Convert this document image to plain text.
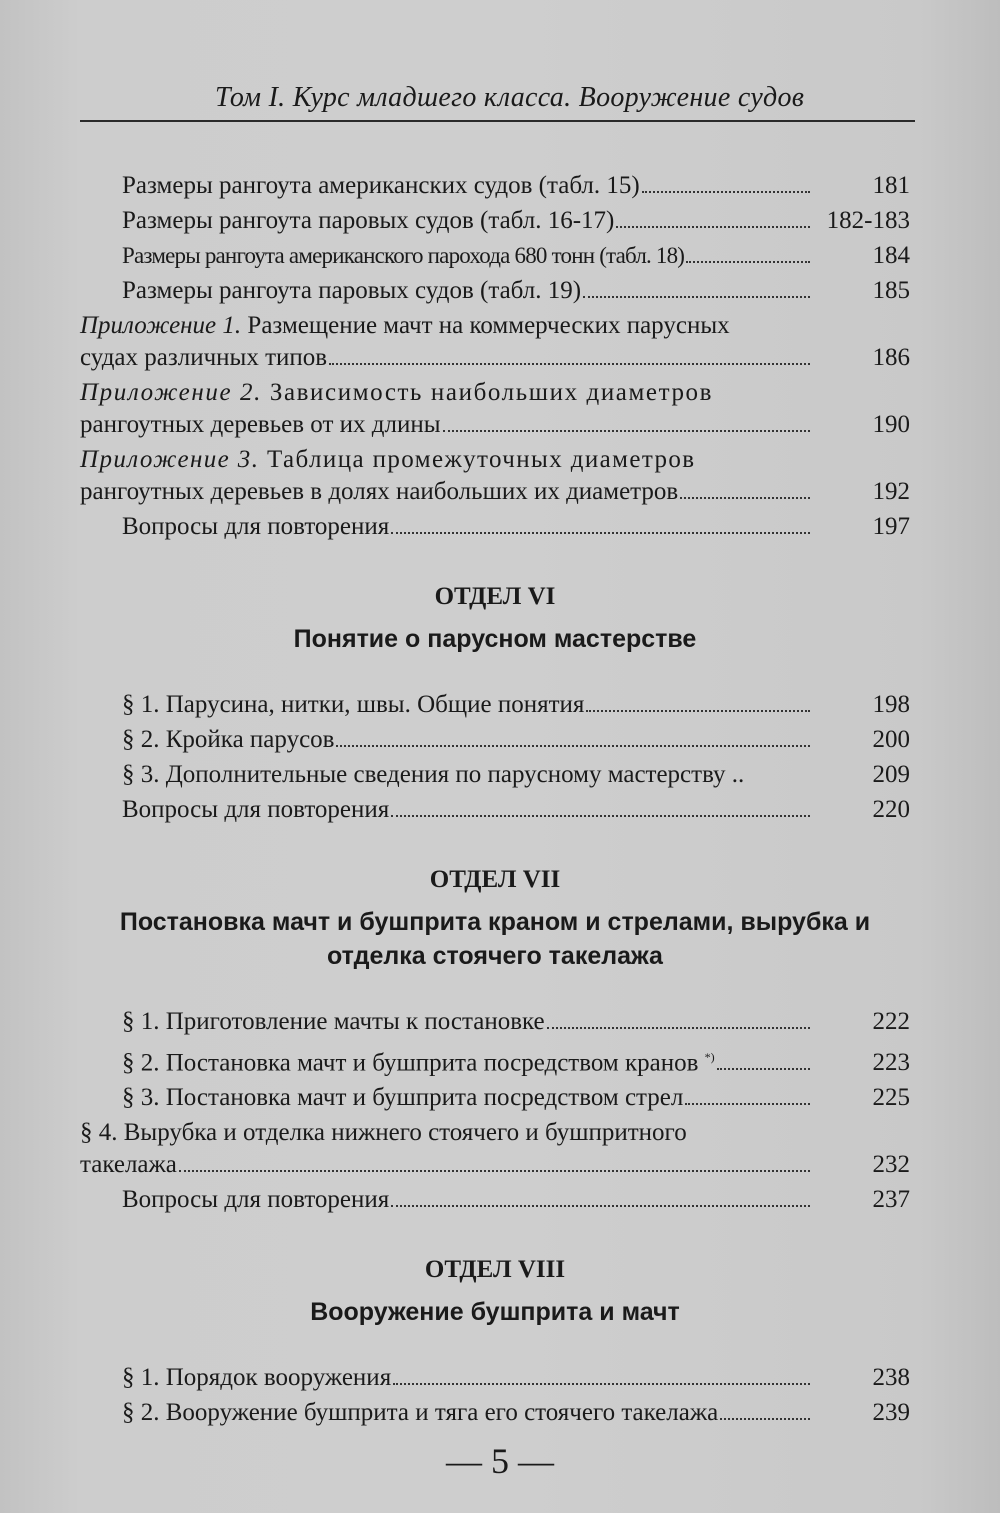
Том I. Курс младшего класса. Вооружение судов
Размеры рангоута американских судов (табл. 15)	181
Размеры рангоута паровых судов (табл. 16-17)	182-183
Размеры рангоута американского парохода 680 тонн (табл. 18)	184
Размеры рангоута паровых судов (табл. 19)	185
Приложение 1. Размещение мачт на коммерческих парусных
судах различных типов	186
Приложение 2. Зависимость наибольших диаметров
рангоутных деревьев от их длины	190
Приложение 3. Таблица промежуточных диаметров
рангоутных деревьев в долях наибольших их диаметров	192
Вопросы для повторения	197
ОТДЕЛ VI
Понятие о парусном мастерстве
§ 1. Парусина, нитки, швы. Общие понятия	198
§ 2. Кройка парусов	200
§ 3. Дополнительные сведения по парусному мастерству ..	209
Вопросы для повторения	220
ОТДЕЛ VII
Постановка мачт и бушприта краном и стрелами, вырубка и
отделка стоячего такелажа
§ 1. Приготовление мачты к постановке	222
§ 2. Постановка мачт и бушприта посредством кранов *)	223
§ 3. Постановка мачт и бушприта посредством стрел	225
§ 4. Вырубка и отделка нижнего стоячего и бушпритного
такелажа	232
Вопросы для повторения	237
ОТДЕЛ VIII
Вооружение бушприта и мачт
§ 1. Порядок вооружения	238
§ 2. Вооружение бушприта и тяга его стоячего такелажа	239
— 5 —
